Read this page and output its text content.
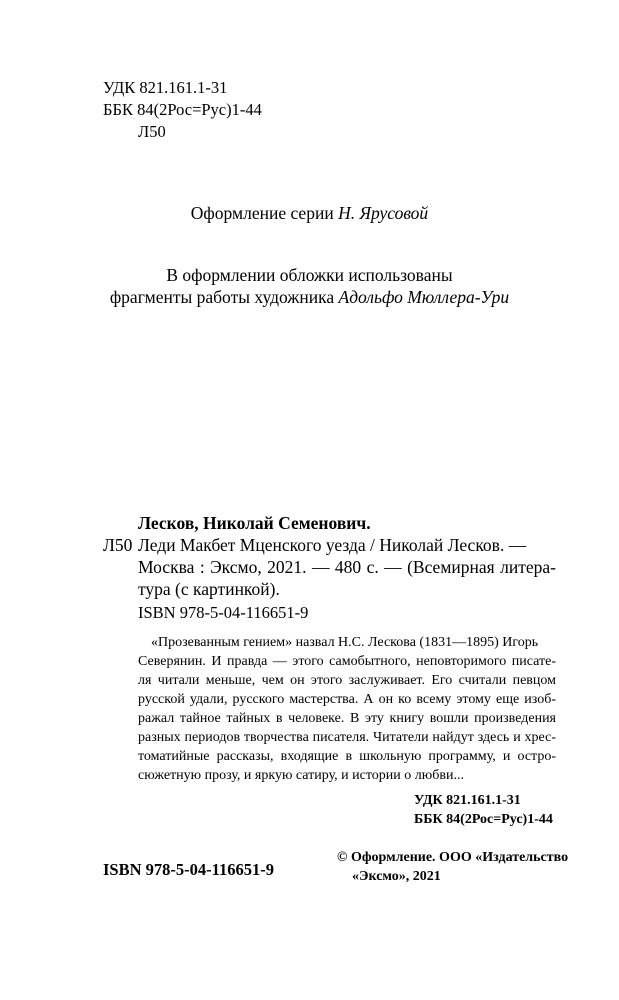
УДК 821.161.1-31
ББК 84(2Рос=Рус)1-44
Л50
Оформление серии Н. Ярусовой
В оформлении обложки использованы
фрагменты работы художника Адольфо Мюллера-Ури
Лесков, Николай Семенович.
Л50 Леди Макбет Мценского уезда / Николай Лесков. —
Москва : Эксмо, 2021. — 480 с. — (Всемирная литера-
тура (с картинкой).
ISBN 978-5-04-116651-9
«Прозеванным гением» назвал Н.С. Лескова (1831—1895) Игорь
Северянин. И правда — этого самобытного, неповторимого писате-
ля читали меньше, чем он этого заслуживает. Его считали певцом
русской удали, русского мастерства. А он ко всему этому еще изоб-
ражал тайное тайных в человеке. В эту книгу вошли произведения
разных периодов творчества писателя. Читатели найдут здесь и хрес-
томатийные рассказы, входящие в школьную программу, и остро-
сюжетную прозу, и яркую сатиру, и истории о любви...
УДК 821.161.1-31
ББК 84(2Рос=Рус)1-44
ISBN 978-5-04-116651-9
© Оформление. ООО «Издательство
«Эксмо», 2021
